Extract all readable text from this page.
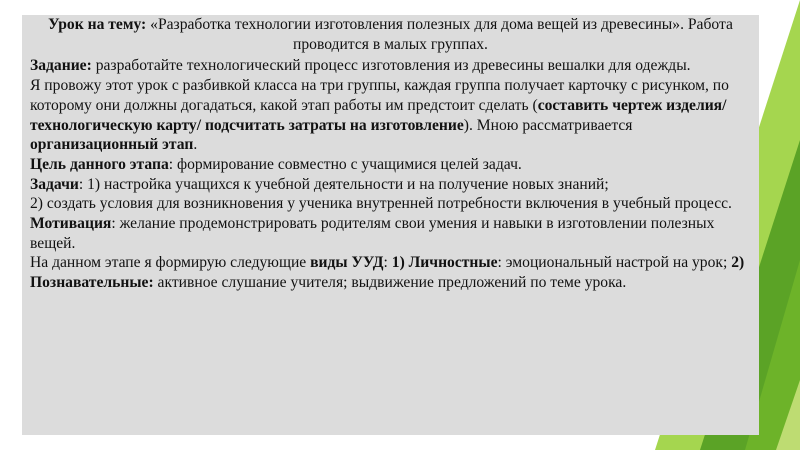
Урок на тему: «Разработка технологии изготовления полезных для дома вещей из древесины». Работа проводится в малых группах.

Задание: разработайте технологический процесс изготовления из древесины вешалки для одежды.

Я провожу этот урок с разбивкой класса на три группы, каждая группа получает карточку с рисунком, по которому они должны догадаться, какой этап работы им предстоит сделать (составить чертеж изделия/ технологическую карту/ подсчитать затраты на изготовление). Мною рассматривается организационный этап.

Цель данного этапа: формирование совместно с учащимися целей задач.

Задачи: 1) настройка учащихся к учебной деятельности и на получение новых знаний;

2) создать условия для возникновения у ученика внутренней потребности включения в учебный процесс.

Мотивация: желание продемонстрировать родителям свои умения и навыки в изготовлении полезных вещей.

На данном этапе я формирую следующие виды УУД: 1) Личностные: эмоциональный настрой на урок; 2) Познавательные: активное слушание учителя; выдвижение предложений по теме урока.
